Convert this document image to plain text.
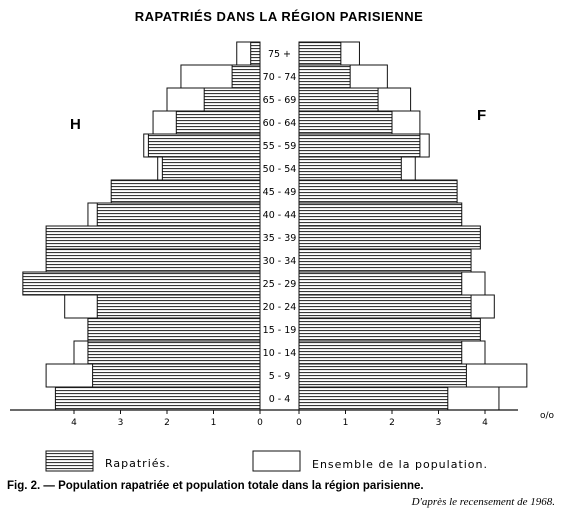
RAPATRIÉS DANS LA RÉGION PARISIENNE
H
F
0 - 4
5 - 9
10 - 14
15 - 19
20 - 24
25 - 29
30 - 34
35 - 39
40 - 44
45 - 49
50 - 54
55 - 59
60 - 64
65 - 69
70 - 74
75 +
4	3	2	1	0	0	1	2	3	4
o/o
Rapatriés.	Ensemble de la population.
Fig. 2. — Population rapatriée et population totale dans la région parisienne.
D'après le recensement de 1968.
